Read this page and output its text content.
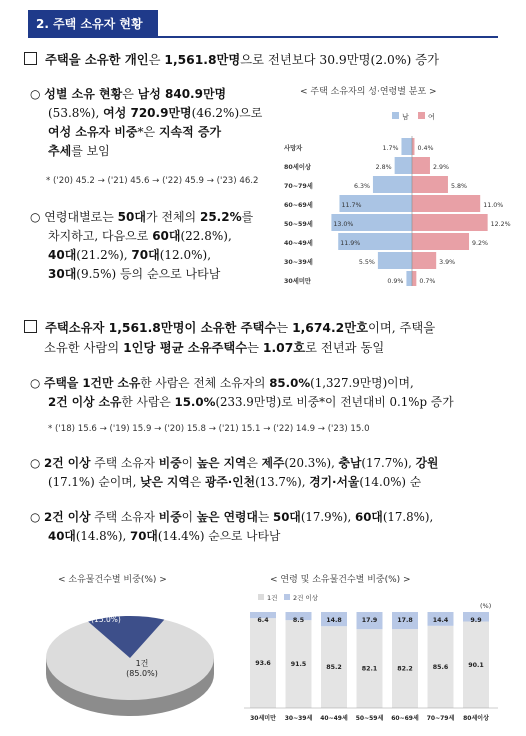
2. 주택 소유자 현황
주택을 소유한 개인은 1,561.8만명으로 전년보다 30.9만명(2.0%) 증가
○ 성별 소유 현황은 남성 840.9만명
(53.8%), 여성 720.9만명(46.2%)으로
여성 소유자 비중*은 지속적 증가
추세를 보임
* ('20) 45.2 → ('21) 45.6 → ('22) 45.9 → ('23) 46.2
○ 연령대별로는 50대가 전체의 25.2%를
차지하고, 다음으로 60대(22.8%),
40대(21.2%), 70대(12.0%),
30대(9.5%) 등의 순으로 나타남
< 주택 소유자의 성·연령별 분포 >
남	여
사망자	1.7%	0.4%
80세이상	2.8%	2.9%
70~79세	6.3%	5.8%
60~69세	11.7%	11.0%
50~59세	13.0%	12.2%
40~49세	11.9%	9.2%
30~39세	5.5%	3.9%
30세미만	0.9%	0.7%
주택소유자 1,561.8만명이 소유한 주택수는 1,674.2만호이며, 주택을
소유한 사람의 1인당 평균 소유주택수는 1.07호로 전년과 동일
○ 주택을 1건만 소유한 사람은 전체 소유자의 85.0%(1,327.9만명)이며,
2건 이상 소유한 사람은 15.0%(233.9만명)로 비중*이 전년대비 0.1%p 증가
* ('18) 15.6 → ('19) 15.9 → ('20) 15.8 → ('21) 15.1 → ('22) 14.9 → ('23) 15.0
○ 2건 이상 주택 소유자 비중이 높은 지역은 제주(20.3%), 충남(17.7%), 강원
(17.1%) 순이며, 낮은 지역은 광주·인천(13.7%), 경기·서울(14.0%) 순
○ 2건 이상 주택 소유자 비중이 높은 연령대는 50대(17.9%), 60대(17.8%),
40대(14.8%), 70대(14.4%) 순으로 나타남
< 소유물건수별 비중(%) >
2건 이상
(15.0%)
1건
(85.0%)
< 연령 및 소유물건수별 비중(%) >
1건 2건 이상
(%)
6.4
93.6
30세미만
8.5
91.5
30~39세
14.8
85.2
40~49세
17.9
82.1
50~59세
17.8
82.2
60~69세
14.4
85.6
70~79세
9.9
90.1
80세이상
